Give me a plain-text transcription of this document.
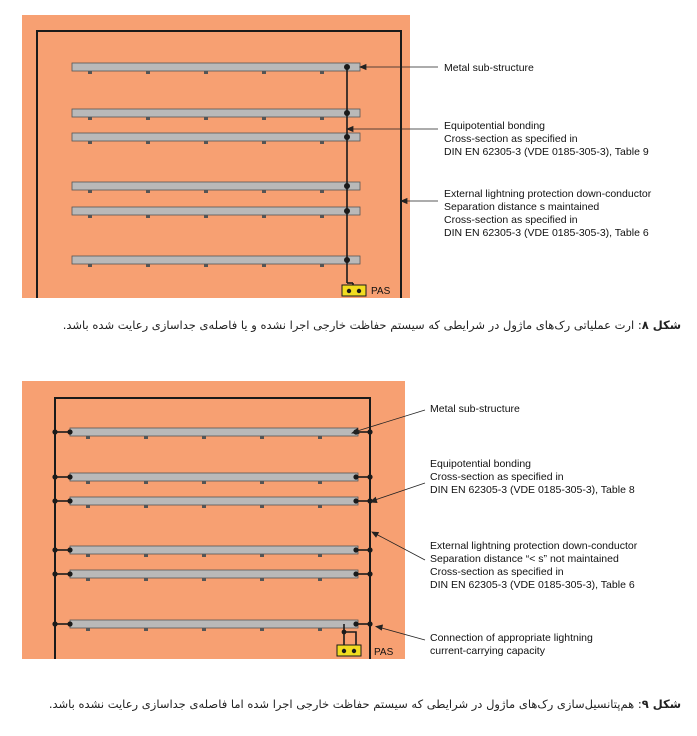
PAS
Metal sub-structure
Equipotential bonding Cross-section as specified in DIN EN 62305-3 (VDE 0185-305-3), Table 9
External lightning protection down-conductor Separation distance s maintained Cross-section as specified in DIN EN 62305-3 (VDE 0185-305-3), Table 6
شکل ۸: ارت عملیاتی رک‌های ماژول در شرایطی که سیستم حفاظت خارجی اجرا نشده و یا فاصله‌ی جداسازی رعایت شده باشد.
PAS
Metal sub-structure
Equipotential bonding Cross-section as specified in DIN EN 62305-3 (VDE 0185-305-3), Table 8
External lightning protection down-conductor Separation distance “< s” not maintained Cross-section as specified in DIN EN 62305-3 (VDE 0185-305-3), Table 6
Connection of appropriate lightning current-carrying capacity
شکل ۹: هم‌پتانسیل‌سازی رک‌های ماژول در شرایطی که سیستم حفاظت خارجی اجرا شده اما فاصله‌ی جداسازی رعایت نشده باشد.
